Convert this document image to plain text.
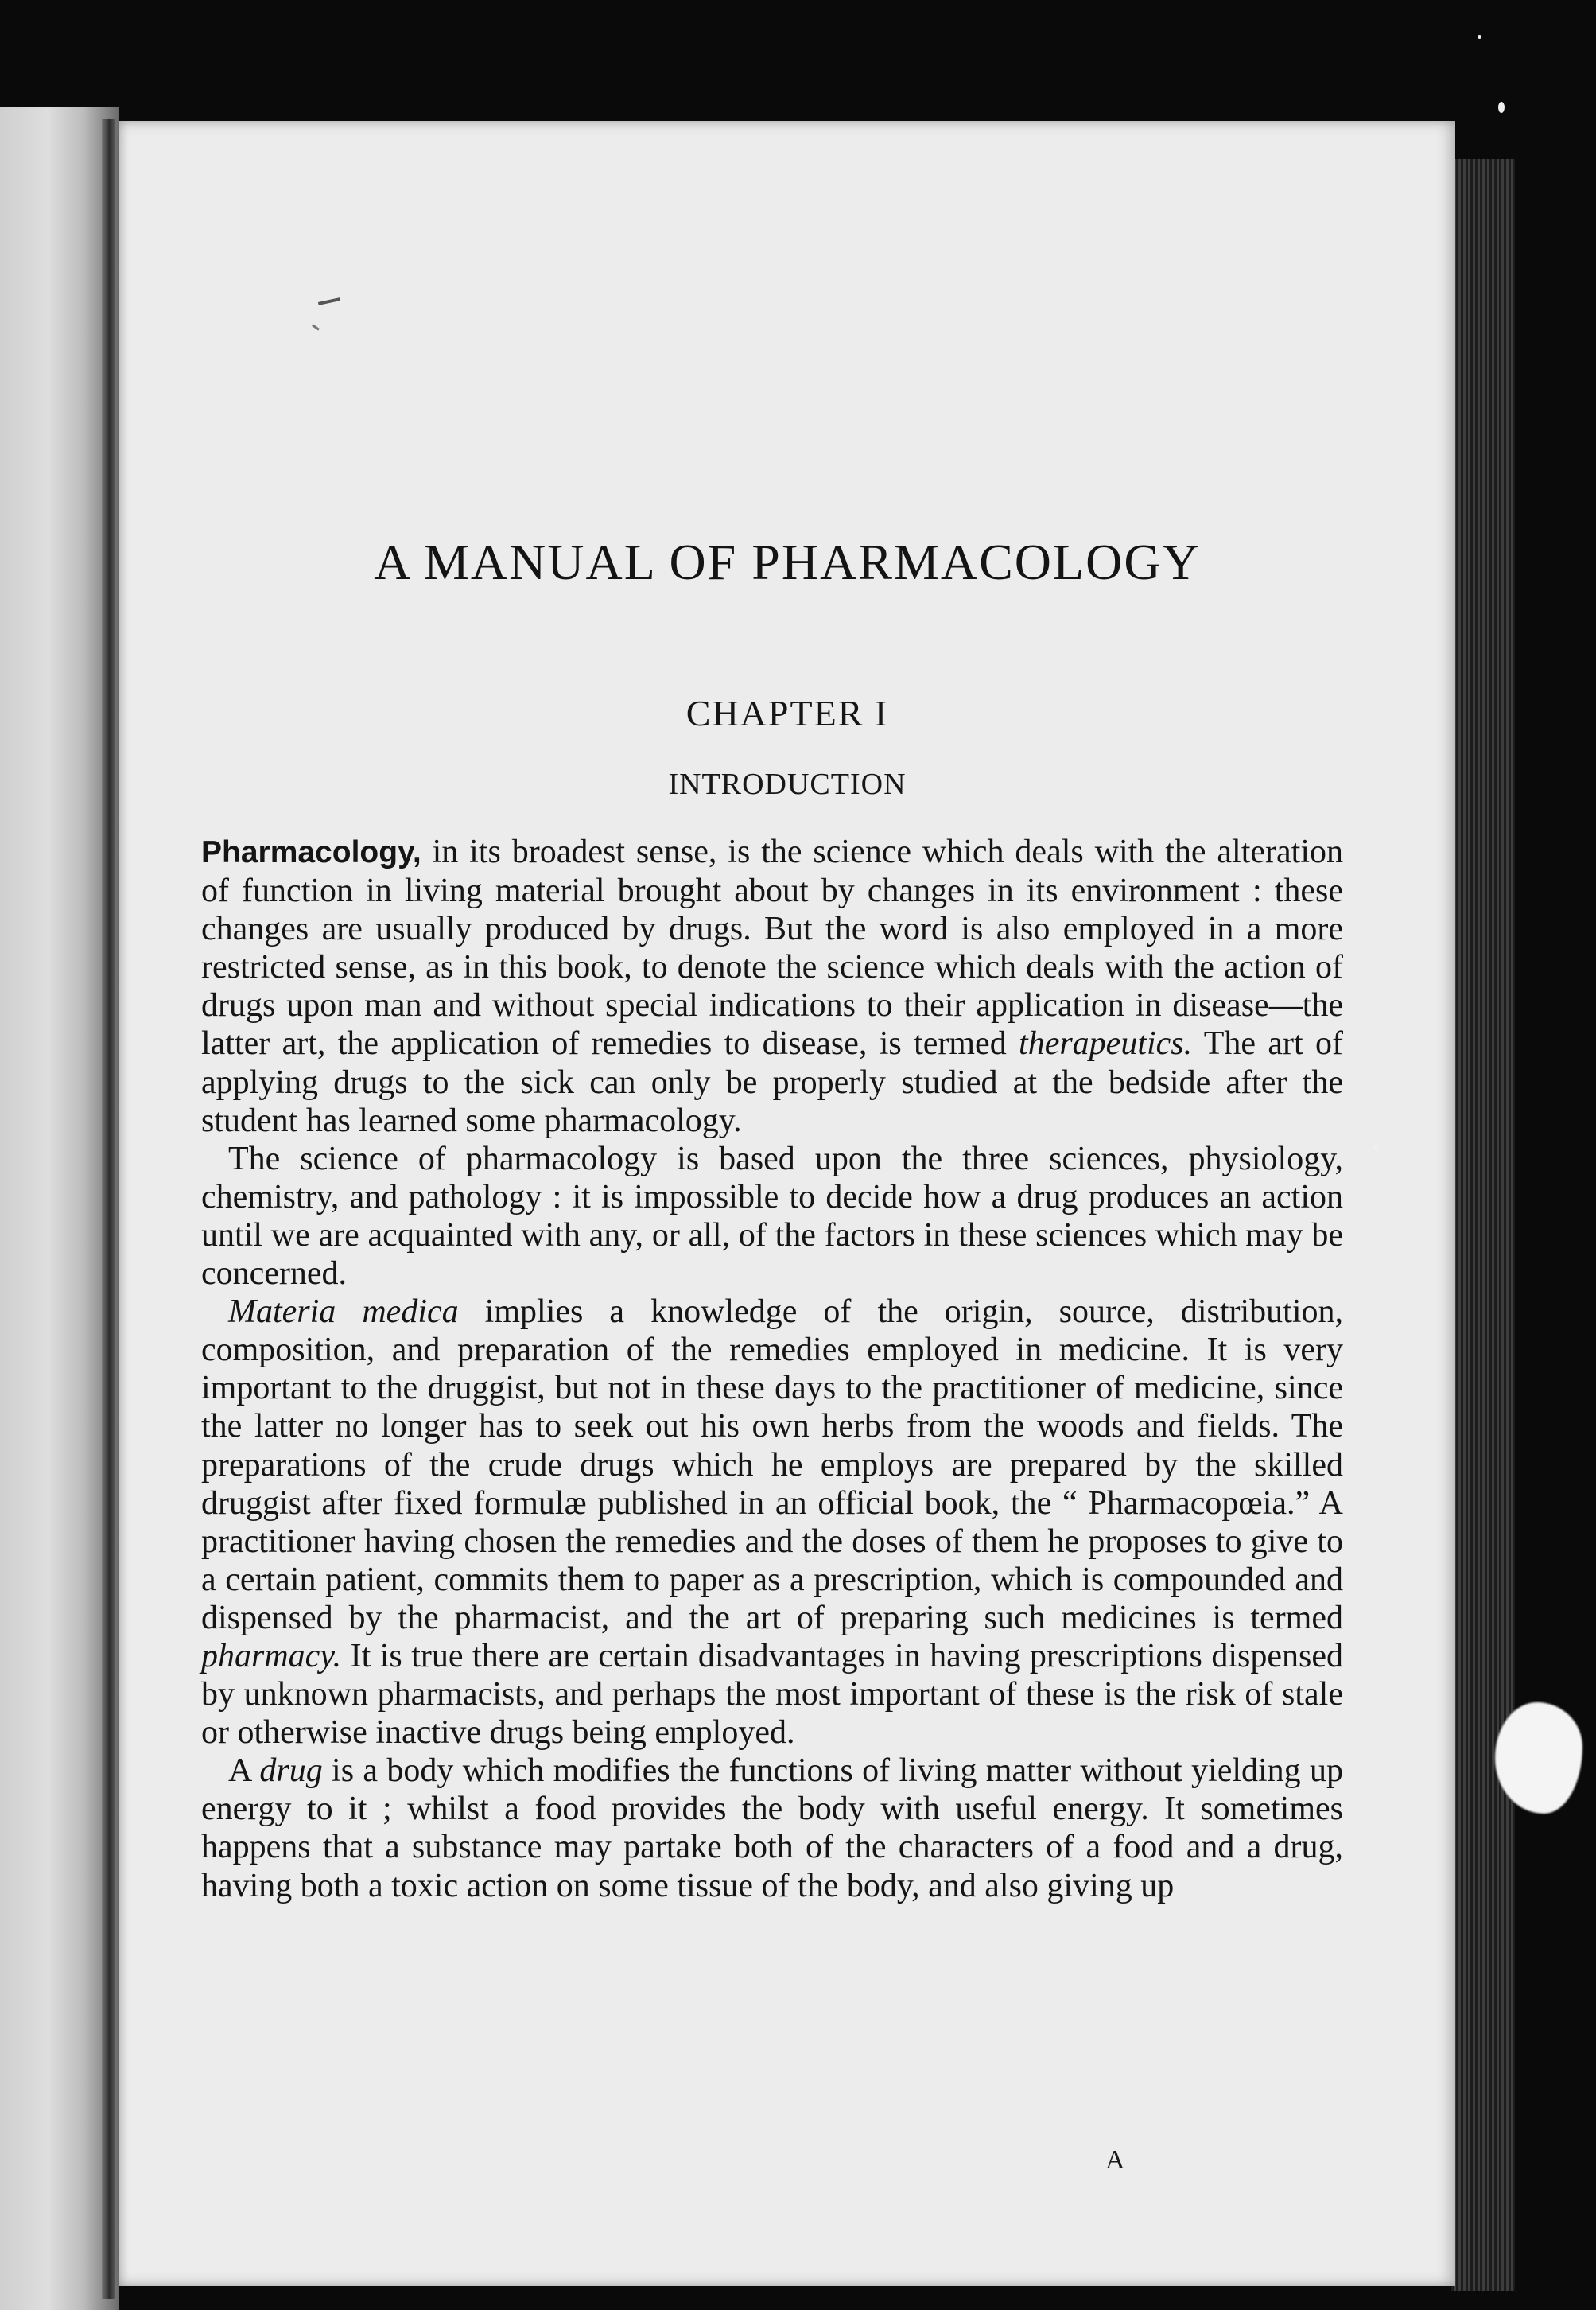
A MANUAL OF PHARMACOLOGY
CHAPTER I
INTRODUCTION

Pharmacology, in its broadest sense, is the science which deals with the alteration of function in living material brought about by changes in its environment : these changes are usually produced by drugs. But the word is also employed in a more restricted sense, as in this book, to denote the science which deals with the action of drugs upon man and without special indications to their application in disease—the latter art, the application of remedies to disease, is termed therapeutics. The art of applying drugs to the sick can only be properly studied at the bedside after the student has learned some pharmacology.

The science of pharmacology is based upon the three sciences, physiology, chemistry, and pathology : it is impossible to decide how a drug produces an action until we are acquainted with any, or all, of the factors in these sciences which may be concerned.

Materia medica implies a knowledge of the origin, source, distribution, composition, and preparation of the remedies employed in medicine. It is very important to the druggist, but not in these days to the practitioner of medicine, since the latter no longer has to seek out his own herbs from the woods and fields. The preparations of the crude drugs which he employs are prepared by the skilled druggist after fixed formulæ published in an official book, the “ Pharmacopœia.” A practitioner having chosen the remedies and the doses of them he proposes to give to a certain patient, commits them to paper as a prescription, which is compounded and dispensed by the pharmacist, and the art of preparing such medicines is termed pharmacy. It is true there are certain disadvantages in having prescriptions dispensed by unknown pharmacists, and perhaps the most important of these is the risk of stale or otherwise inactive drugs being employed.

A drug is a body which modifies the functions of living matter without yielding up energy to it ; whilst a food provides the body with useful energy. It sometimes happens that a substance may partake both of the characters of a food and a drug, having both a toxic action on some tissue of the body, and also giving up

A
